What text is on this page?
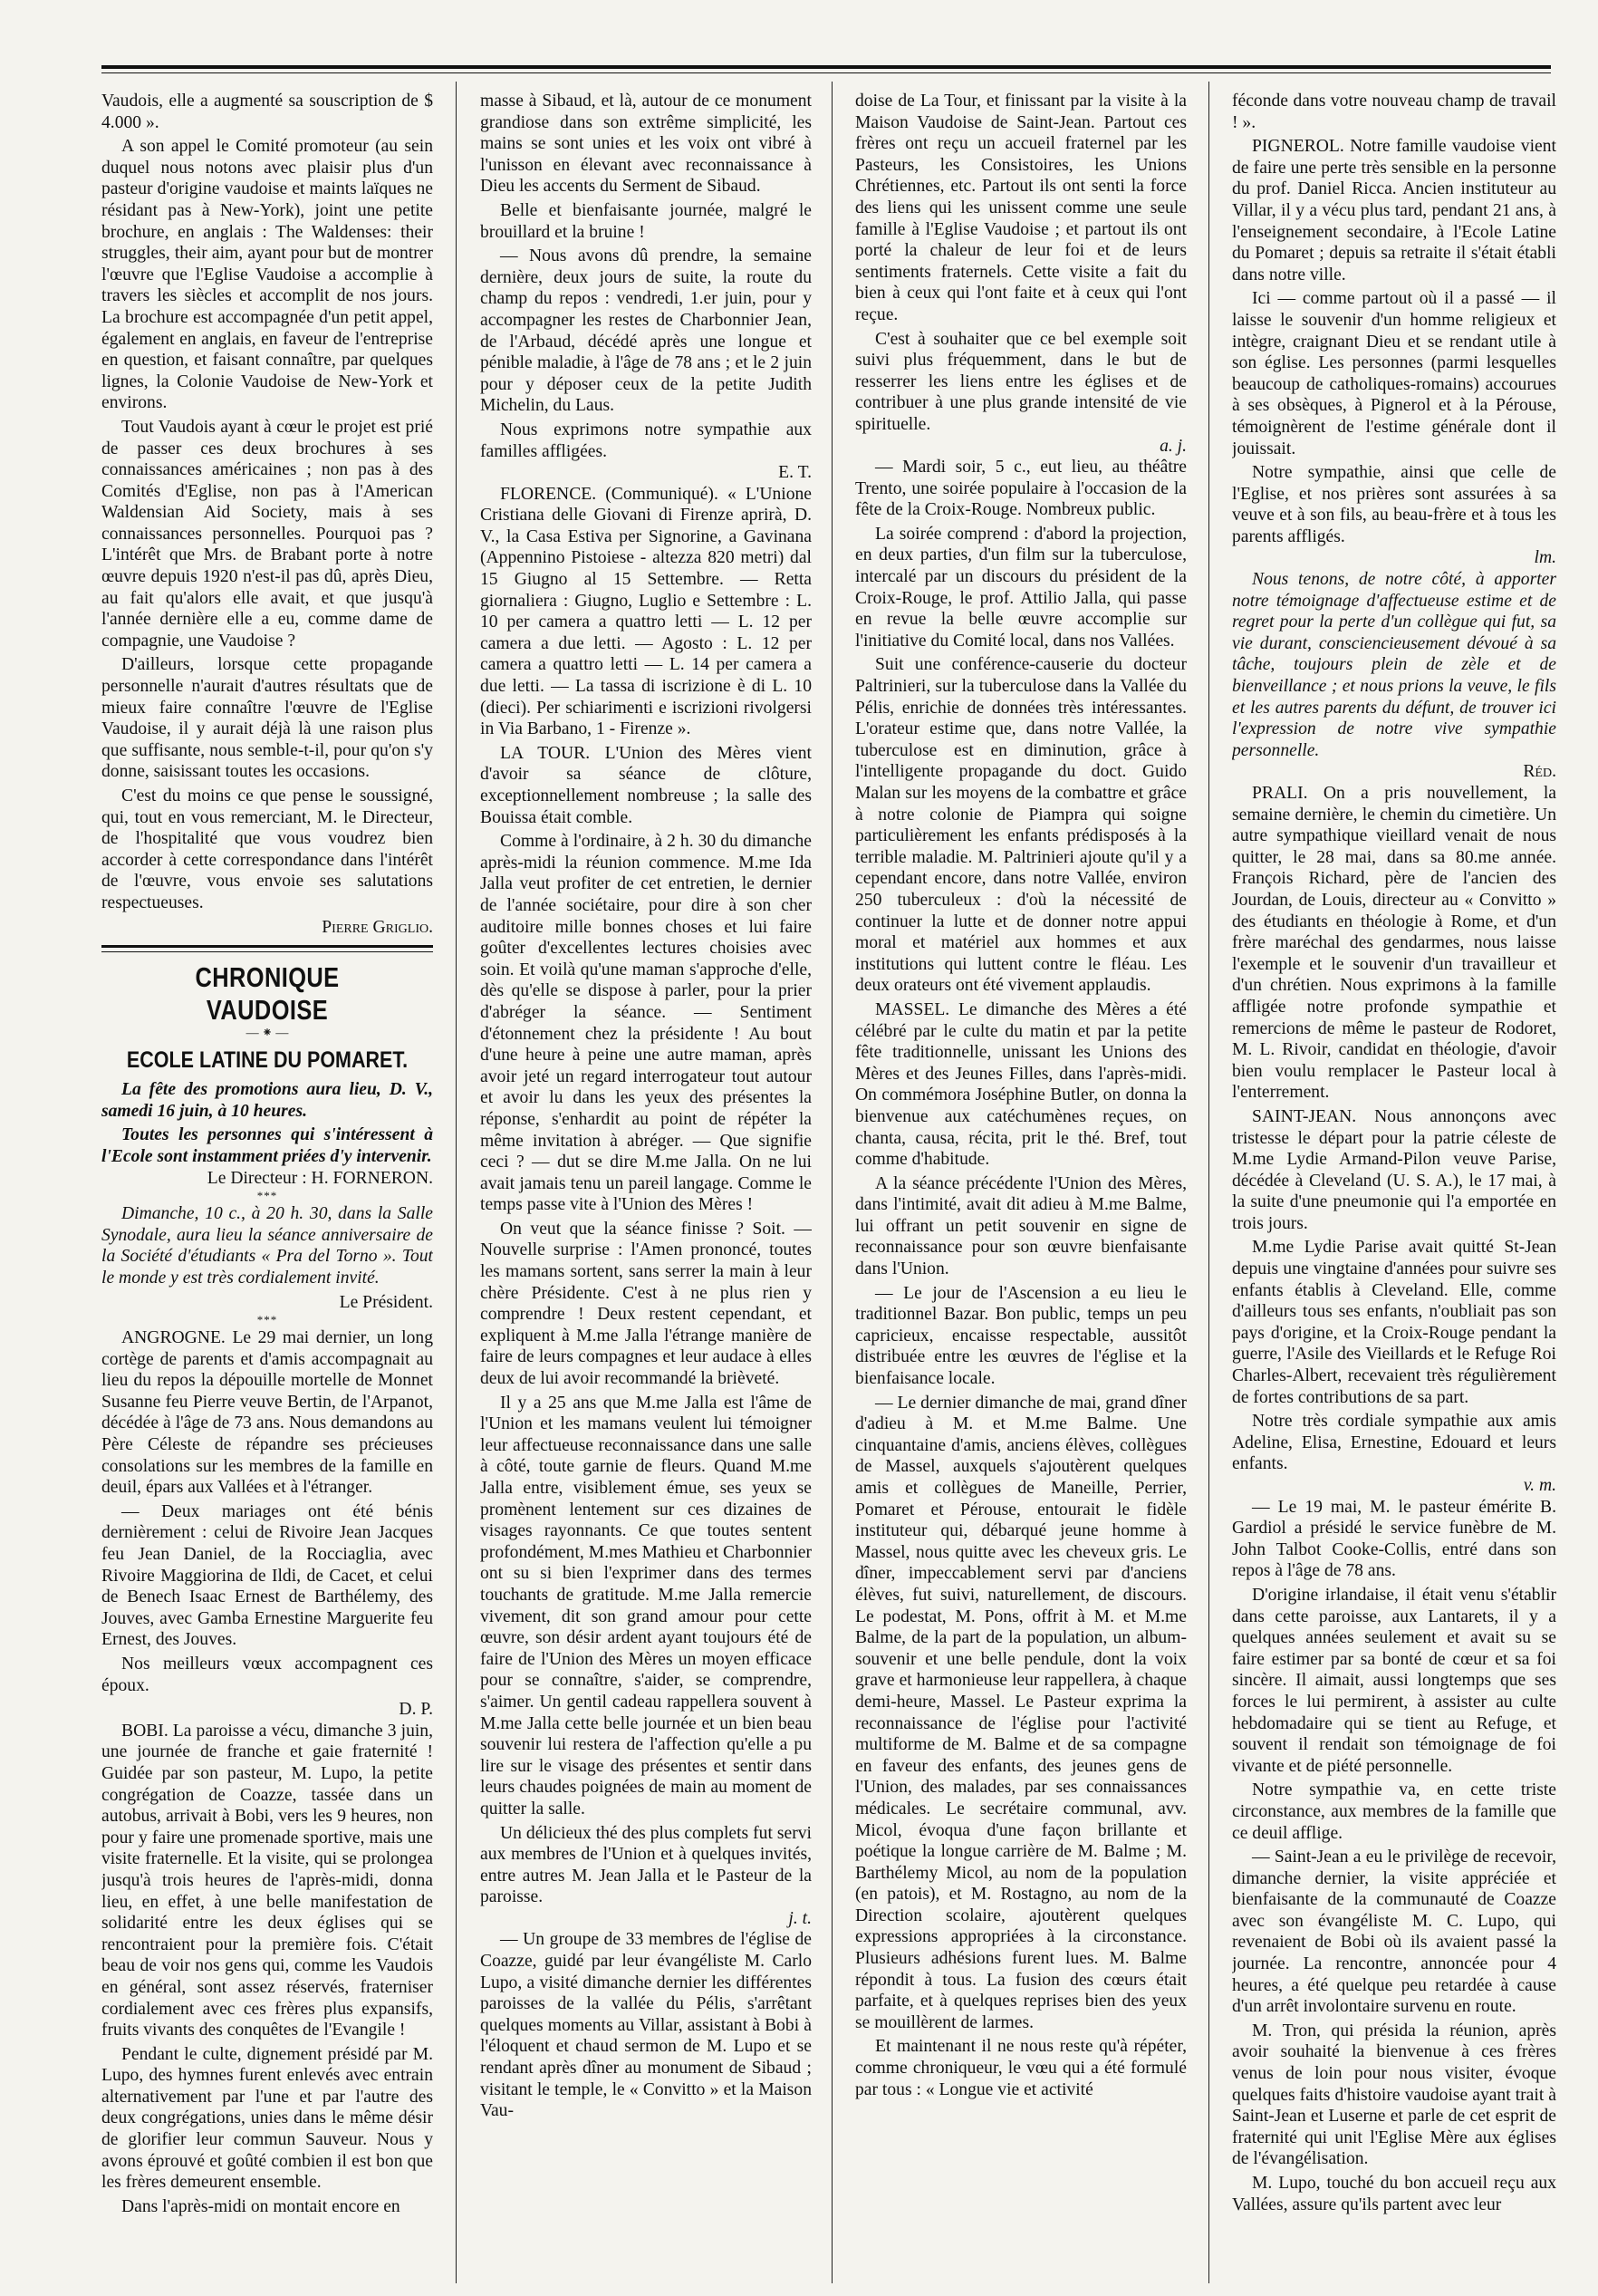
Vaudois, elle a augmenté sa souscription de $ 4.000 ».

A son appel le Comité promoteur (au sein duquel nous notons avec plaisir plus d'un pasteur d'origine vaudoise et maints laïques ne résidant pas à New-York), joint une petite brochure, en anglais : The Waldenses: their struggles, their aim, ayant pour but de montrer l'œuvre que l'Eglise Vaudoise a accomplie à travers les siècles et accomplit de nos jours. La brochure est accompagnée d'un petit appel, également en anglais, en faveur de l'entreprise en question, et faisant connaître, par quelques lignes, la Colonie Vaudoise de New-York et environs.

Tout Vaudois ayant à cœur le projet est prié de passer ces deux brochures à ses connaissances américaines ; non pas à des Comités d'Eglise, non pas à l'American Waldensian Aid Society, mais à ses connaissances personnelles. Pourquoi pas ? L'intérêt que Mrs. de Brabant porte à notre œuvre depuis 1920 n'est-il pas dû, après Dieu, au fait qu'alors elle avait, et que jusqu'à l'année dernière elle a eu, comme dame de compagnie, une Vaudoise ?

D'ailleurs, lorsque cette propagande personnelle n'aurait d'autres résultats que de mieux faire connaître l'œuvre de l'Eglise Vaudoise, il y aurait déjà là une raison plus que suffisante, nous semble-t-il, pour qu'on s'y donne, saisissant toutes les occasions.

C'est du moins ce que pense le soussigné, qui, tout en vous remerciant, M. le Directeur, de l'hospitalité que vous voudrez bien accorder à cette correspondance dans l'intérêt de l'œuvre, vous envoie ses salutations respectueuses.

Pierre Griglio.
CHRONIQUE VAUDOISE
— ⁕ —
ECOLE LATINE DU POMARET.

La fête des promotions aura lieu, D. V., samedi 16 juin, à 10 heures.

Toutes les personnes qui s'intéressent à l'Ecole sont instamment priées d'y intervenir.

Le Directeur : H. FORNERON.
***

Dimanche, 10 c., à 20 h. 30, dans la Salle Synodale, aura lieu la séance anniversaire de la Société d'étudiants « Pra del Torno ». Tout le monde y est très cordialement invité.

Le Président.
***

ANGROGNE. Le 29 mai dernier, un long cortège de parents et d'amis accompagnait au lieu du repos la dépouille mortelle de Monnet Susanne feu Pierre veuve Bertin, de l'Arpanot, décédée à l'âge de 73 ans. Nous demandons au Père Céleste de répandre ses précieuses consolations sur les membres de la famille en deuil, épars aux Vallées et à l'étranger.

— Deux mariages ont été bénis dernièrement : celui de Rivoire Jean Jacques feu Jean Daniel, de la Rocciaglia, avec Rivoire Maggiorina de Ildi, de Cacet, et celui de Benech Isaac Ernest de Barthélemy, des Jouves, avec Gamba Ernestine Marguerite feu Ernest, des Jouves.

Nos meilleurs vœux accompagnent ces époux.

D. P.

BOBI. La paroisse a vécu, dimanche 3 juin, une journée de franche et gaie fraternité ! Guidée par son pasteur, M. Lupo, la petite congrégation de Coazze, tassée dans un autobus, arrivait à Bobi, vers les 9 heures, non pour y faire une promenade sportive, mais une visite fraternelle. Et la visite, qui se prolongea jusqu'à trois heures de l'après-midi, donna lieu, en effet, à une belle manifestation de solidarité entre les deux églises qui se rencontraient pour la première fois. C'était beau de voir nos gens qui, comme les Vaudois en général, sont assez réservés, fraterniser cordialement avec ces frères plus expansifs, fruits vivants des conquêtes de l'Evangile !

Pendant le culte, dignement présidé par M. Lupo, des hymnes furent enlevés avec entrain alternativement par l'une et par l'autre des deux congrégations, unies dans le même désir de glorifier leur commun Sauveur. Nous y avons éprouvé et goûté combien il est bon que les frères demeurent ensemble.

Dans l'après-midi on montait encore en

masse à Sibaud, et là, autour de ce monument grandiose dans son extrême simplicité, les mains se sont unies et les voix ont vibré à l'unisson en élevant avec reconnaissance à Dieu les accents du Serment de Sibaud.

Belle et bienfaisante journée, malgré le brouillard et la bruine !

— Nous avons dû prendre, la semaine dernière, deux jours de suite, la route du champ du repos : vendredi, 1.er juin, pour y accompagner les restes de Charbonnier Jean, de l'Arbaud, décédé après une longue et pénible maladie, à l'âge de 78 ans ; et le 2 juin pour y déposer ceux de la petite Judith Michelin, du Laus.

Nous exprimons notre sympathie aux familles affligées.

E. T.

FLORENCE. (Communiqué). « L'Unione Cristiana delle Giovani di Firenze aprirà, D. V., la Casa Estiva per Signorine, a Gavinana (Appennino Pistoiese - altezza 820 metri) dal 15 Giugno al 15 Settembre. — Retta giornaliera : Giugno, Luglio e Settembre : L. 10 per camera a quattro letti — L. 12 per camera a due letti. — Agosto : L. 12 per camera a quattro letti — L. 14 per camera a due letti. — La tassa di iscrizione è di L. 10 (dieci). Per schiarimenti e iscrizioni rivolgersi in Via Barbano, 1 - Firenze ».

LA TOUR. L'Union des Mères vient d'avoir sa séance de clôture, exceptionnellement nombreuse ; la salle des Bouissa était comble.

Comme à l'ordinaire, à 2 h. 30 du dimanche après-midi la réunion commence. M.me Ida Jalla veut profiter de cet entretien, le dernier de l'année sociétaire, pour dire à son cher auditoire mille bonnes choses et lui faire goûter d'excellentes lectures choisies avec soin. Et voilà qu'une maman s'approche d'elle, dès qu'elle se dispose à parler, pour la prier d'abréger la séance. — Sentiment d'étonnement chez la présidente ! Au bout d'une heure à peine une autre maman, après avoir jeté un regard interrogateur tout autour et avoir lu dans les yeux des présentes la réponse, s'enhardit au point de répéter la même invitation à abréger. — Que signifie ceci ? — dut se dire M.me Jalla. On ne lui avait jamais tenu un pareil langage. Comme le temps passe vite à l'Union des Mères !

On veut que la séance finisse ? Soit. — Nouvelle surprise : l'Amen prononcé, toutes les mamans sortent, sans serrer la main à leur chère Présidente. C'est à ne plus rien y comprendre ! Deux restent cependant, et expliquent à M.me Jalla l'étrange manière de faire de leurs compagnes et leur audace à elles deux de lui avoir recommandé la brièveté.

Il y a 25 ans que M.me Jalla est l'âme de l'Union et les mamans veulent lui témoigner leur affectueuse reconnaissance dans une salle à côté, toute garnie de fleurs. Quand M.me Jalla entre, visiblement émue, ses yeux se promènent lentement sur ces dizaines de visages rayonnants. Ce que toutes sentent profondément, M.mes Mathieu et Charbonnier ont su si bien l'exprimer dans des termes touchants de gratitude. M.me Jalla remercie vivement, dit son grand amour pour cette œuvre, son désir ardent ayant toujours été de faire de l'Union des Mères un moyen efficace pour se connaître, s'aider, se comprendre, s'aimer. Un gentil cadeau rappellera souvent à M.me Jalla cette belle journée et un bien beau souvenir lui restera de l'affection qu'elle a pu lire sur le visage des présentes et sentir dans leurs chaudes poignées de main au moment de quitter la salle.

Un délicieux thé des plus complets fut servi aux membres de l'Union et à quelques invités, entre autres M. Jean Jalla et le Pasteur de la paroisse.

j. t.

— Un groupe de 33 membres de l'église de Coazze, guidé par leur évangéliste M. Carlo Lupo, a visité dimanche dernier les différentes paroisses de la vallée du Pélis, s'arrêtant quelques moments au Villar, assistant à Bobi à l'éloquent et chaud sermon de M. Lupo et se rendant après dîner au monument de Sibaud ; visitant le temple, le « Convitto » et la Maison Vau-

doise de La Tour, et finissant par la visite à la Maison Vaudoise de Saint-Jean. Partout ces frères ont reçu un accueil fraternel par les Pasteurs, les Consistoires, les Unions Chrétiennes, etc. Partout ils ont senti la force des liens qui les unissent comme une seule famille à l'Eglise Vaudoise ; et partout ils ont porté la chaleur de leur foi et de leurs sentiments fraternels. Cette visite a fait du bien à ceux qui l'ont faite et à ceux qui l'ont reçue.

C'est à souhaiter que ce bel exemple soit suivi plus fréquemment, dans le but de resserrer les liens entre les églises et de contribuer à une plus grande intensité de vie spirituelle.

a. j.

— Mardi soir, 5 c., eut lieu, au théâtre Trento, une soirée populaire à l'occasion de la fête de la Croix-Rouge. Nombreux public.

La soirée comprend : d'abord la projection, en deux parties, d'un film sur la tuberculose, intercalé par un discours du président de la Croix-Rouge, le prof. Attilio Jalla, qui passe en revue la belle œuvre accomplie sur l'initiative du Comité local, dans nos Vallées.

Suit une conférence-causerie du docteur Paltrinieri, sur la tuberculose dans la Vallée du Pélis, enrichie de données très intéressantes. L'orateur estime que, dans notre Vallée, la tuberculose est en diminution, grâce à l'intelligente propagande du doct. Guido Malan sur les moyens de la combattre et grâce à notre colonie de Piampra qui soigne particulièrement les enfants prédisposés à la terrible maladie. M. Paltrinieri ajoute qu'il y a cependant encore, dans notre Vallée, environ 250 tuberculeux : d'où la nécessité de continuer la lutte et de donner notre appui moral et matériel aux hommes et aux institutions qui luttent contre le fléau. Les deux orateurs ont été vivement applaudis.

MASSEL. Le dimanche des Mères a été célébré par le culte du matin et par la petite fête traditionnelle, unissant les Unions des Mères et des Jeunes Filles, dans l'après-midi. On commémora Joséphine Butler, on donna la bienvenue aux catéchumènes reçues, on chanta, causa, récita, prit le thé. Bref, tout comme d'habitude.

A la séance précédente l'Union des Mères, dans l'intimité, avait dit adieu à M.me Balme, lui offrant un petit souvenir en signe de reconnaissance pour son œuvre bienfaisante dans l'Union.

— Le jour de l'Ascension a eu lieu le traditionnel Bazar. Bon public, temps un peu capricieux, encaisse respectable, aussitôt distribuée entre les œuvres de l'église et la bienfaisance locale.

— Le dernier dimanche de mai, grand dîner d'adieu à M. et M.me Balme. Une cinquantaine d'amis, anciens élèves, collègues de Massel, auxquels s'ajoutèrent quelques amis et collègues de Maneille, Perrier, Pomaret et Pérouse, entourait le fidèle instituteur qui, débarqué jeune homme à Massel, nous quitte avec les cheveux gris. Le dîner, impeccablement servi par d'anciens élèves, fut suivi, naturellement, de discours. Le podestat, M. Pons, offrit à M. et M.me Balme, de la part de la population, un album-souvenir et une belle pendule, dont la voix grave et harmonieuse leur rappellera, à chaque demi-heure, Massel. Le Pasteur exprima la reconnaissance de l'église pour l'activité multiforme de M. Balme et de sa compagne en faveur des enfants, des jeunes gens de l'Union, des malades, par ses connaissances médicales. Le secrétaire communal, avv. Micol, évoqua d'une façon brillante et poétique la longue carrière de M. Balme ; M. Barthélemy Micol, au nom de la population (en patois), et M. Rostagno, au nom de la Direction scolaire, ajoutèrent quelques expressions appropriées à la circonstance. Plusieurs adhésions furent lues. M. Balme répondit à tous. La fusion des cœurs était parfaite, et à quelques reprises bien des yeux se mouillèrent de larmes.

Et maintenant il ne nous reste qu'à répéter, comme chroniqueur, le vœu qui a été formulé par tous : « Longue vie et activité

féconde dans votre nouveau champ de travail ! ».

PIGNEROL. Notre famille vaudoise vient de faire une perte très sensible en la personne du prof. Daniel Ricca. Ancien instituteur au Villar, il y a vécu plus tard, pendant 21 ans, à l'enseignement secondaire, à l'Ecole Latine du Pomaret ; depuis sa retraite il s'était établi dans notre ville.

Ici — comme partout où il a passé — il laisse le souvenir d'un homme religieux et intègre, craignant Dieu et se rendant utile à son église. Les personnes (parmi lesquelles beaucoup de catholiques-romains) accourues à ses obsèques, à Pignerol et à la Pérouse, témoignèrent de l'estime générale dont il jouissait.

Notre sympathie, ainsi que celle de l'Eglise, et nos prières sont assurées à sa veuve et à son fils, au beau-frère et à tous les parents affligés.

lm.

Nous tenons, de notre côté, à apporter notre témoignage d'affectueuse estime et de regret pour la perte d'un collègue qui fut, sa vie durant, consciencieusement dévoué à sa tâche, toujours plein de zèle et de bienveillance ; et nous prions la veuve, le fils et les autres parents du défunt, de trouver ici l'expression de notre vive sympathie personnelle.

Réd.

PRALI. On a pris nouvellement, la semaine dernière, le chemin du cimetière. Un autre sympathique vieillard venait de nous quitter, le 28 mai, dans sa 80.me année. François Richard, père de l'ancien des Jourdan, de Louis, directeur au « Convitto » des étudiants en théologie à Rome, et d'un frère maréchal des gendarmes, nous laisse l'exemple et le souvenir d'un travailleur et d'un chrétien. Nous exprimons à la famille affligée notre profonde sympathie et remercions de même le pasteur de Rodoret, M. L. Rivoir, candidat en théologie, d'avoir bien voulu remplacer le Pasteur local à l'enterrement.

SAINT-JEAN. Nous annonçons avec tristesse le départ pour la patrie céleste de M.me Lydie Armand-Pilon veuve Parise, décédée à Cleveland (U. S. A.), le 17 mai, à la suite d'une pneumonie qui l'a emportée en trois jours.

M.me Lydie Parise avait quitté St-Jean depuis une vingtaine d'années pour suivre ses enfants établis à Cleveland. Elle, comme d'ailleurs tous ses enfants, n'oubliait pas son pays d'origine, et la Croix-Rouge pendant la guerre, l'Asile des Vieillards et le Refuge Roi Charles-Albert, recevaient très régulièrement de fortes contributions de sa part.

Notre très cordiale sympathie aux amis Adeline, Elisa, Ernestine, Edouard et leurs enfants.

v. m.

— Le 19 mai, M. le pasteur émérite B. Gardiol a présidé le service funèbre de M. John Talbot Cooke-Collis, entré dans son repos à l'âge de 78 ans.

D'origine irlandaise, il était venu s'établir dans cette paroisse, aux Lantarets, il y a quelques années seulement et avait su se faire estimer par sa bonté de cœur et sa foi sincère. Il aimait, aussi longtemps que ses forces le lui permirent, à assister au culte hebdomadaire qui se tient au Refuge, et souvent il rendait son témoignage de foi vivante et de piété personnelle.

Notre sympathie va, en cette triste circonstance, aux membres de la famille que ce deuil afflige.

— Saint-Jean a eu le privilège de recevoir, dimanche dernier, la visite appréciée et bienfaisante de la communauté de Coazze avec son évangéliste M. C. Lupo, qui revenaient de Bobi où ils avaient passé la journée. La rencontre, annoncée pour 4 heures, a été quelque peu retardée à cause d'un arrêt involontaire survenu en route.

M. Tron, qui présida la réunion, après avoir souhaité la bienvenue à ces frères venus de loin pour nous visiter, évoque quelques faits d'histoire vaudoise ayant trait à Saint-Jean et Luserne et parle de cet esprit de fraternité qui unit l'Eglise Mère aux églises de l'évangélisation.

M. Lupo, touché du bon accueil reçu aux Vallées, assure qu'ils partent avec leur
